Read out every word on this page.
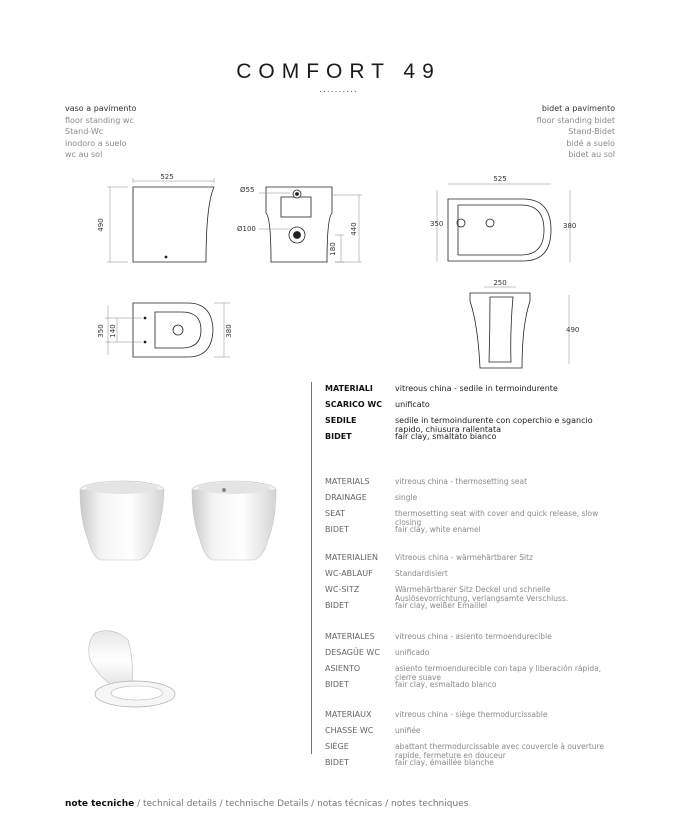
COMFORT 49
..........
vaso a pavimento
floor standing wc
Stand-Wc
inodoro a suelo
wc au sol
bidet a pavimento
floor standing bidet
Stand-Bidet
bidé a suelo
bidet au sol
525
490
Ø55
Ø100
180
440
350 140	380
525
350	380
250
490
MATERIALI	vitreous china - sedile in termoindurente
SCARICO WC unificato
SEDILE	sedile in termoindurente con coperchio e sgancio rapido, chiusura rallentata
BIDET	fair clay, smaltato bianco
MATERIALS	vitreous china - thermosetting seat
DRAINAGE	single
SEAT	thermosetting seat with cover and quick release, slow closing
BIDET	fair clay, white enamel
MATERIALIEN Vitreous china - wärmehärtbarer Sitz
WC-ABLAUF	Standardisiert
WC-SITZ	Wärmehärtbarer Sitz Deckel und schnelle Auslösevorrichtung, verlangsamte Verschluss.
BIDET	fair clay, weißer Emaillel
MATERIALES	vitreous china - asiento termoendurecible
DESAGÜE WC unificado
ASIENTO	asiento termoendurecible con tapa y liberación rápida, cierre suave
BIDET	fair clay, esmaltado blanco
MATERIAUX	vitreous china - siège thermodurcissable
CHASSE WC	unifiée
SIÈGE	abattant thermodurcissable avec couvercle à ouverture rapide, fermeture en douceur
BIDET	fair clay, émaillée blanche
note tecniche / technical details / technische Details / notas técnicas / notes techniques
